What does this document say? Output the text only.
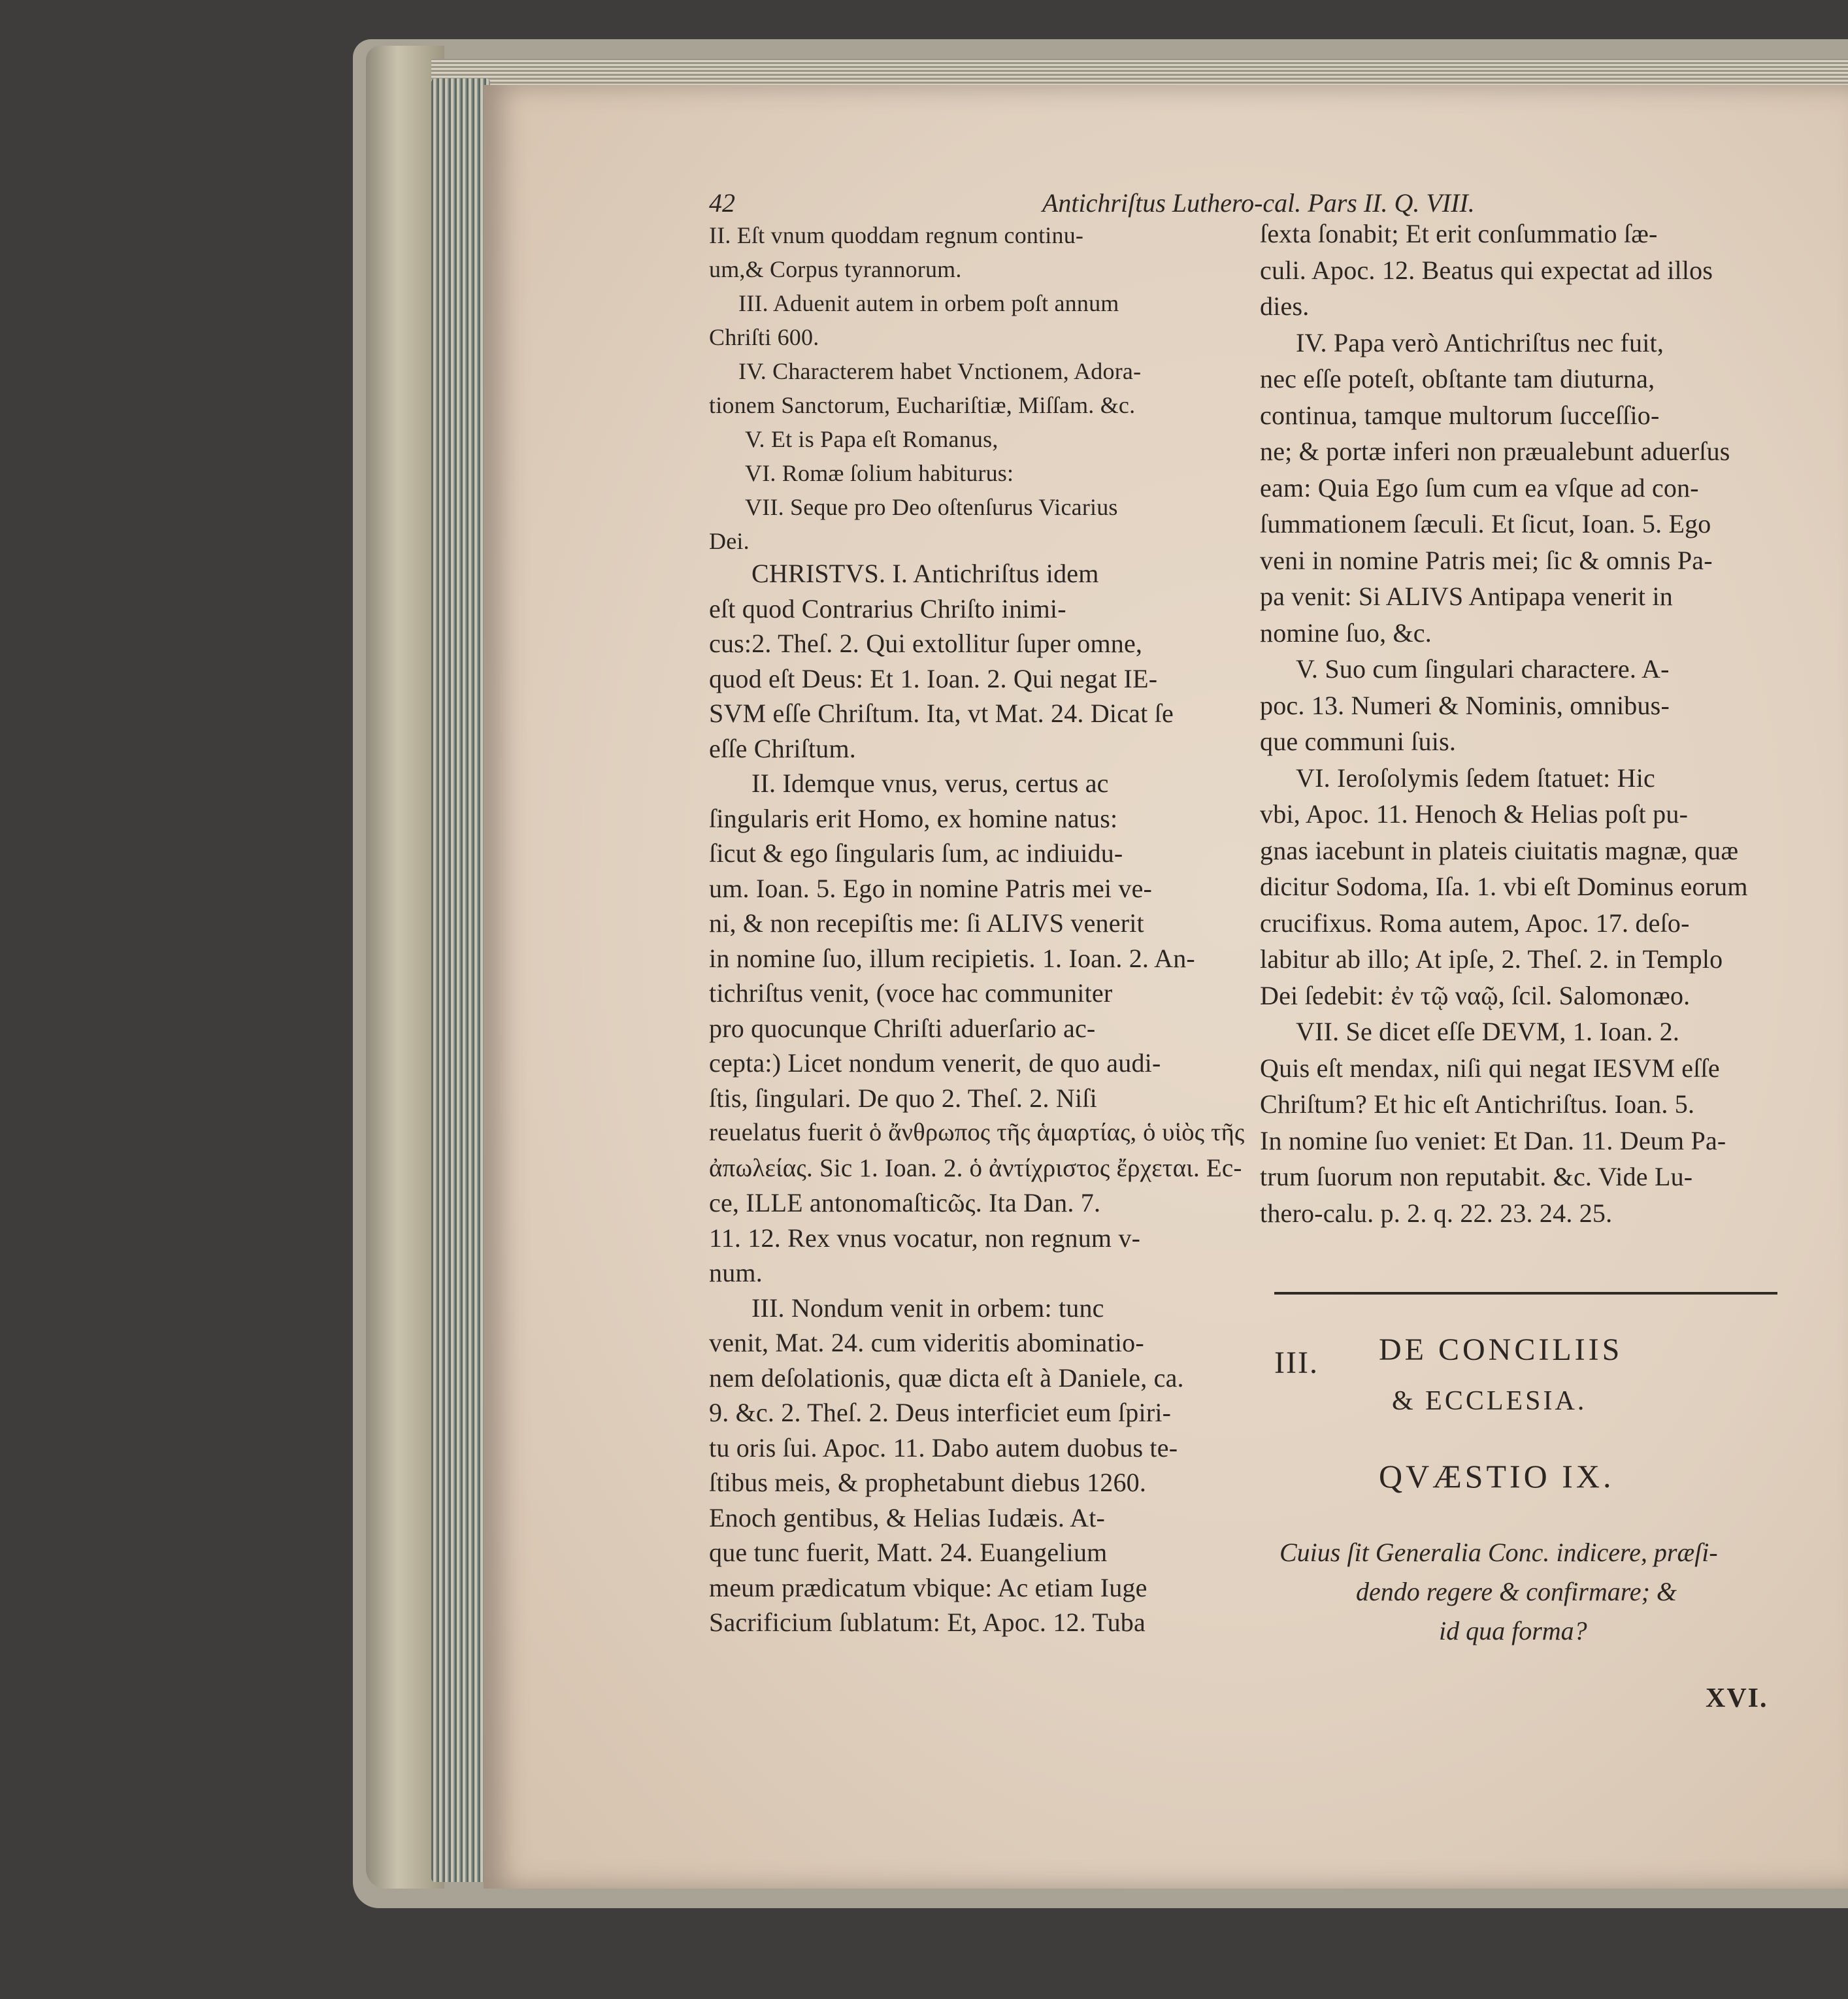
42	Antichriſtus Luthero-cal. Pars II. Q. VIII.
II. Eſt vnum quoddam regnum continu-
um,& Corpus tyrannorum.
III. Aduenit autem in orbem poſt annum
Chriſti 600.
IV. Characterem habet Vnctionem, Adora-
tionem Sanctorum, Euchariſtiæ, Miſſam. &c.
V. Et is Papa eſt Romanus,
VI. Romæ ſolium habiturus:
VII. Seque pro Deo oſtenſurus Vicarius
Dei.
CHRISTVS. I. Antichriſtus idem
eſt quod Contrarius Chriſto inimi-
cus:2. Theſ. 2. Qui extollitur ſuper omne,
quod eſt Deus: Et 1. Ioan. 2. Qui negat IE-
SVM eſſe Chriſtum. Ita, vt Mat. 24. Dicat ſe
eſſe Chriſtum.
II. Idemque vnus, verus, certus ac
ſingularis erit Homo, ex homine natus:
ſicut & ego ſingularis ſum, ac indiuidu-
um. Ioan. 5. Ego in nomine Patris mei ve-
ni, & non recepiſtis me: ſi ALIVS venerit
in nomine ſuo, illum recipietis. 1. Ioan. 2. An-
tichriſtus venit, (voce hac communiter
pro quocunque Chriſti aduerſario ac-
cepta:) Licet nondum venerit, de quo audi-
ſtis, ſingulari. De quo 2. Theſ. 2. Niſi
reuelatus fuerit ὁ ἄνθρωπος τῆς ἁμαρτίας, ὁ υἱὸς τῆς
ἀπωλείας. Sic 1. Ioan. 2. ὁ ἀντίχριστος ἔρχεται. Ec-
ce, ILLE antonomaſticῶς. Ita Dan. 7.
11. 12. Rex vnus vocatur, non regnum v-
num.
III. Nondum venit in orbem: tunc
venit, Mat. 24. cum videritis abominatio-
nem deſolationis, quæ dicta eſt à Daniele, ca.
9. &c. 2. Theſ. 2. Deus interficiet eum ſpiri-
tu oris ſui. Apoc. 11. Dabo autem duobus te-
ſtibus meis, & prophetabunt diebus 1260.
Enoch gentibus, & Helias Iudæis. At-
que tunc fuerit, Matt. 24. Euangelium
meum prædicatum vbique: Ac etiam Iuge
Sacrificium ſublatum: Et, Apoc. 12. Tuba
ſexta ſonabit; Et erit conſummatio ſæ-
culi. Apoc. 12. Beatus qui expectat ad illos
dies.
IV. Papa verò Antichriſtus nec fuit,
nec eſſe poteſt, obſtante tam diuturna,
continua, tamque multorum ſucceſſio-
ne; & portæ inferi non præualebunt aduerſus
eam: Quia Ego ſum cum ea vſque ad con-
ſummationem ſæculi. Et ſicut, Ioan. 5. Ego
veni in nomine Patris mei; ſic & omnis Pa-
pa venit: Si ALIVS Antipapa venerit in
nomine ſuo, &c.
V. Suo cum ſingulari charactere. A-
poc. 13. Numeri & Nominis, omnibus-
que communi ſuis.
VI. Ieroſolymis ſedem ſtatuet: Hic
vbi, Apoc. 11. Henoch & Helias poſt pu-
gnas iacebunt in plateis ciuitatis magnæ, quæ
dicitur Sodoma, Iſa. 1. vbi eſt Dominus eorum
crucifixus. Roma autem, Apoc. 17. deſo-
labitur ab illo; At ipſe, 2. Theſ. 2. in Templo
Dei ſedebit: ἐν τῷ ναῷ, ſcil. Salomonæo.
VII. Se dicet eſſe DEVM, 1. Ioan. 2.
Quis eſt mendax, niſi qui negat IESVM eſſe
Chriſtum? Et hic eſt Antichriſtus. Ioan. 5.
In nomine ſuo veniet: Et Dan. 11. Deum Pa-
trum ſuorum non reputabit. &c. Vide Lu-
thero-calu. p. 2. q. 22. 23. 24. 25.
III. DE CONCILIIS
& ECCLESIA.
QVÆSTIO IX.
Cuius ſit Generalia Conc. indicere, præſi-
dendo regere & confirmare; &
id qua forma?
XVI.
